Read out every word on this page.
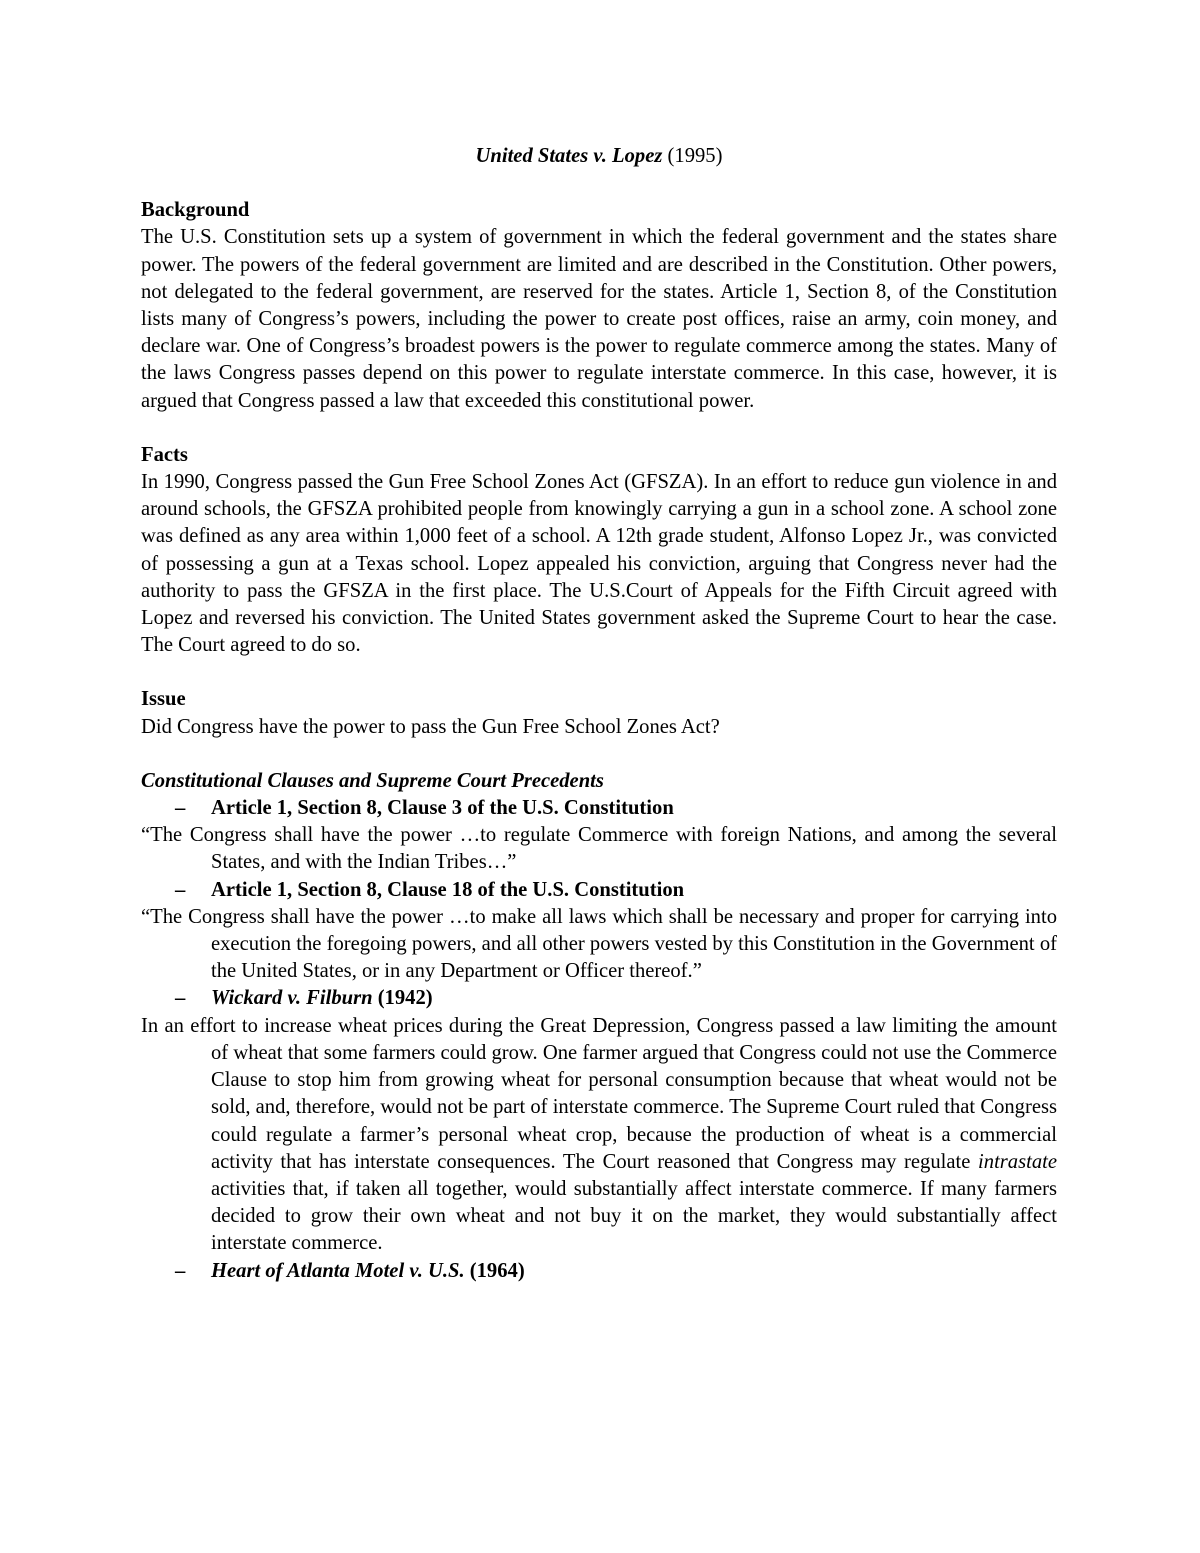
United States v. Lopez (1995)
Background

The U.S. Constitution sets up a system of government in which the federal government and the states share power. The powers of the federal government are limited and are described in the Constitution. Other powers, not delegated to the federal government, are reserved for the states. Article 1, Section 8, of the Constitution lists many of Congress’s powers, including the power to create post offices, raise an army, coin money, and declare war. One of Congress’s broadest powers is the power to regulate commerce among the states. Many of the laws Congress passes depend on this power to regulate interstate commerce. In this case, however, it is argued that Congress passed a law that exceeded this constitutional power.

Facts

In 1990, Congress passed the Gun Free School Zones Act (GFSZA). In an effort to reduce gun violence in and around schools, the GFSZA prohibited people from knowingly carrying a gun in a school zone. A school zone was defined as any area within 1,000 feet of a school. A 12th grade student, Alfonso Lopez Jr., was convicted of possessing a gun at a Texas school. Lopez appealed his conviction, arguing that Congress never had the authority to pass the GFSZA in the first place. The U.S.Court of Appeals for the Fifth Circuit agreed with Lopez and reversed his conviction. The United States government asked the Supreme Court to hear the case. The Court agreed to do so.

Issue

Did Congress have the power to pass the Gun Free School Zones Act?

Constitutional Clauses and Supreme Court Precedents
– Article 1, Section 8, Clause 3 of the U.S. Constitution

“The Congress shall have the power …to regulate Commerce with foreign Nations, and among the several States, and with the Indian Tribes…”

– Article 1, Section 8, Clause 18 of the U.S. Constitution

“The Congress shall have the power …to make all laws which shall be necessary and proper for carrying into execution the foregoing powers, and all other powers vested by this Constitution in the Government of the United States, or in any Department or Officer thereof.”

– Wickard v. Filburn (1942)

In an effort to increase wheat prices during the Great Depression, Congress passed a law limiting the amount of wheat that some farmers could grow. One farmer argued that Congress could not use the Commerce Clause to stop him from growing wheat for personal consumption because that wheat would not be sold, and, therefore, would not be part of interstate commerce. The Supreme Court ruled that Congress could regulate a farmer’s personal wheat crop, because the production of wheat is a commercial activity that has interstate consequences. The Court reasoned that Congress may regulate intrastate activities that, if taken all together, would substantially affect interstate commerce. If many farmers decided to grow their own wheat and not buy it on the market, they would substantially affect interstate commerce.

– Heart of Atlanta Motel v. U.S. (1964)
